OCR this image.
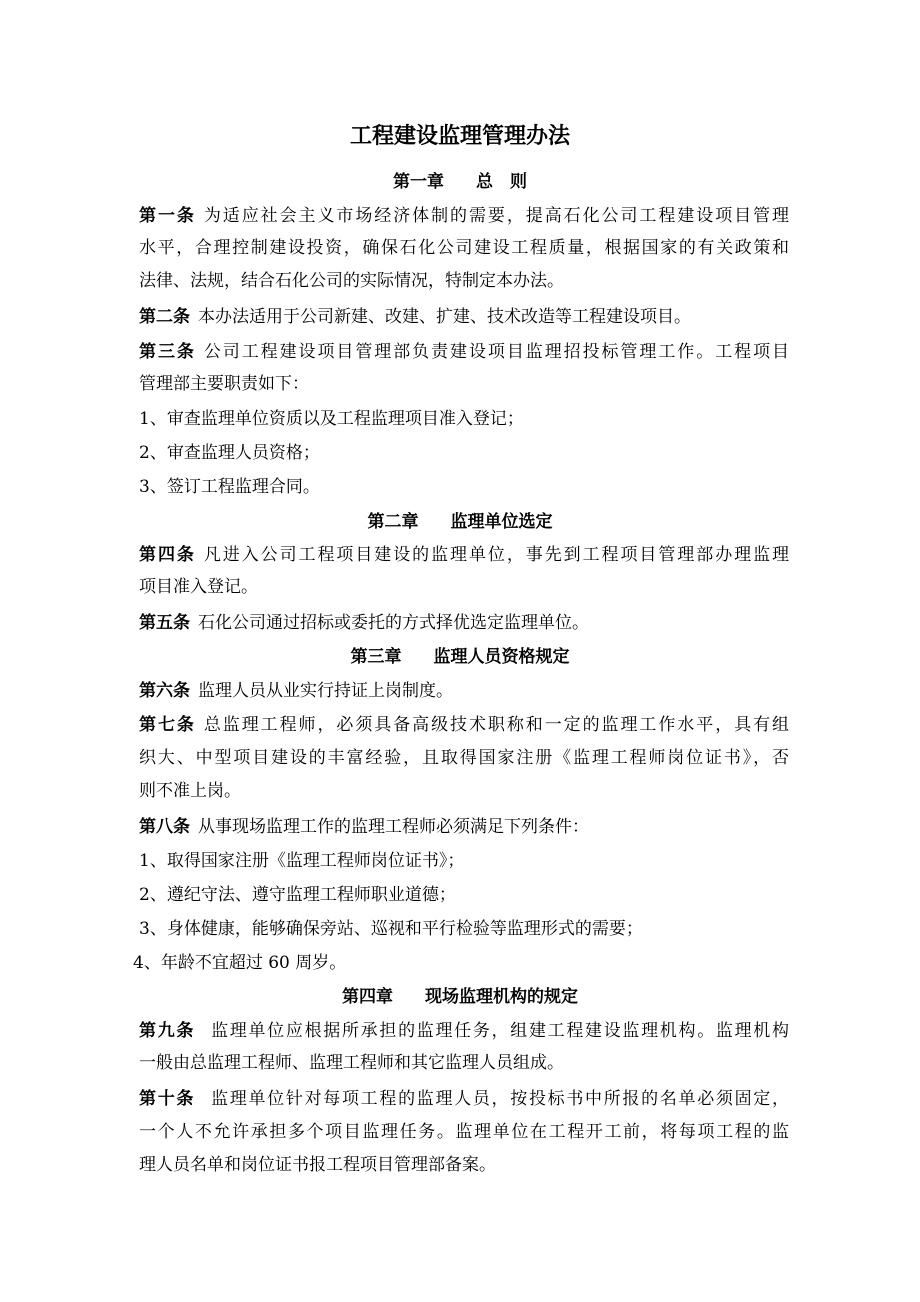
工程建设监理管理办法
第一章 总　则
第一条 为适应社会主义市场经济体制的需要，提高石化公司工程建设项目管理
水平，合理控制建设投资，确保石化公司建设工程质量，根据国家的有关政策和
法律、法规，结合石化公司的实际情况，特制定本办法。
第二条 本办法适用于公司新建、改建、扩建、技术改造等工程建设项目。
第三条 公司工程建设项目管理部负责建设项目监理招投标管理工作。工程项目
管理部主要职责如下：
1、审查监理单位资质以及工程监理项目准入登记；
2、审查监理人员资格；
3、签订工程监理合同。
第二章 监理单位选定
第四条 凡进入公司工程项目建设的监理单位，事先到工程项目管理部办理监理
项目准入登记。
第五条 石化公司通过招标或委托的方式择优选定监理单位。
第三章 监理人员资格规定
第六条 监理人员从业实行持证上岗制度。
第七条 总监理工程师，必须具备高级技术职称和一定的监理工作水平，具有组
织大、中型项目建设的丰富经验，且取得国家注册《监理工程师岗位证书》，否
则不准上岗。
第八条 从事现场监理工作的监理工程师必须满足下列条件：
1、取得国家注册《监理工程师岗位证书》；
2、遵纪守法、遵守监理工程师职业道德；
3、身体健康，能够确保旁站、巡视和平行检验等监理形式的需要；
4、年龄不宜超过 60 周岁。
第四章 现场监理机构的规定
第九条 监理单位应根据所承担的监理任务，组建工程建设监理机构。监理机构
一般由总监理工程师、监理工程师和其它监理人员组成。
第十条 监理单位针对每项工程的监理人员，按投标书中所报的名单必须固定，
一个人不允许承担多个项目监理任务。监理单位在工程开工前，将每项工程的监
理人员名单和岗位证书报工程项目管理部备案。
